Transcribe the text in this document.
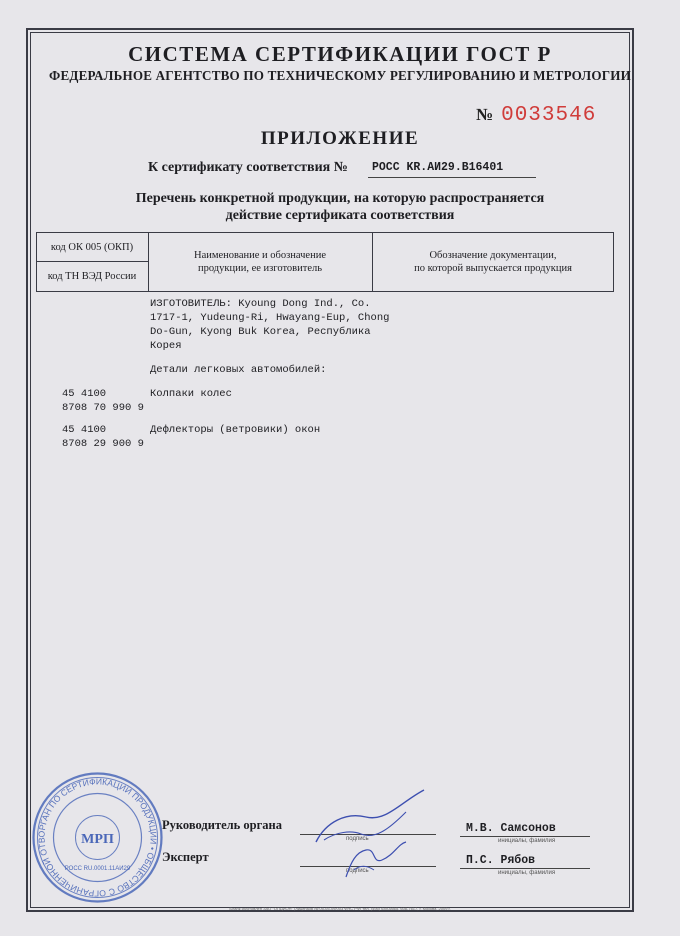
СИСТЕМА СЕРТИФИКАЦИИ ГОСТ Р
ФЕДЕРАЛЬНОЕ АГЕНТСТВО ПО ТЕХНИЧЕСКОМУ РЕГУЛИРОВАНИЮ И МЕТРОЛОГИИ
№ 0033546
ПРИЛОЖЕНИЕ
К сертификату соответствия № РОСС KR.АИ29.В16401
Перечень конкретной продукции, на которую распространяется
действие сертификата соответствия
код ОК 005 (ОКП)
код ТН ВЭД России
Наименование и обозначение
продукции, ее изготовитель
Обозначение документации,
по которой выпускается продукция
ИЗГОТОВИТЕЛЬ: Kyoung Dong Ind., Co.
1717-1, Yudeung-Ri, Hwayang-Eup, Chong
Do-Gun, Kyong Buk Korea, Республика
Корея
Детали легковых автомобилей:
45 4100
8708 70 990 9
Колпаки колес
45 4100
8708 29 900 9
Дефлекторы (ветровики) окон
ОРГАН ПО СЕРТИФИКАЦИИ ПРОДУКЦИИ • ОБЩЕСТВО С ОГРАНИЧЕННОЙ ОТВ	МРП
РОСС RU.0001.11АИ29
Руководитель органа
подпись
М.В. Самсонов
инициалы, фамилия
Эксперт
подпись
П.С. Рябов
инициалы, фамилия
Бланк изготовлен ЗАО "ОПЦИОН" (лицензия № 05-05-09/003 ФНС РФ) тел. (495) 649-6665, 608-7617, г. Москва, 2009 г.
